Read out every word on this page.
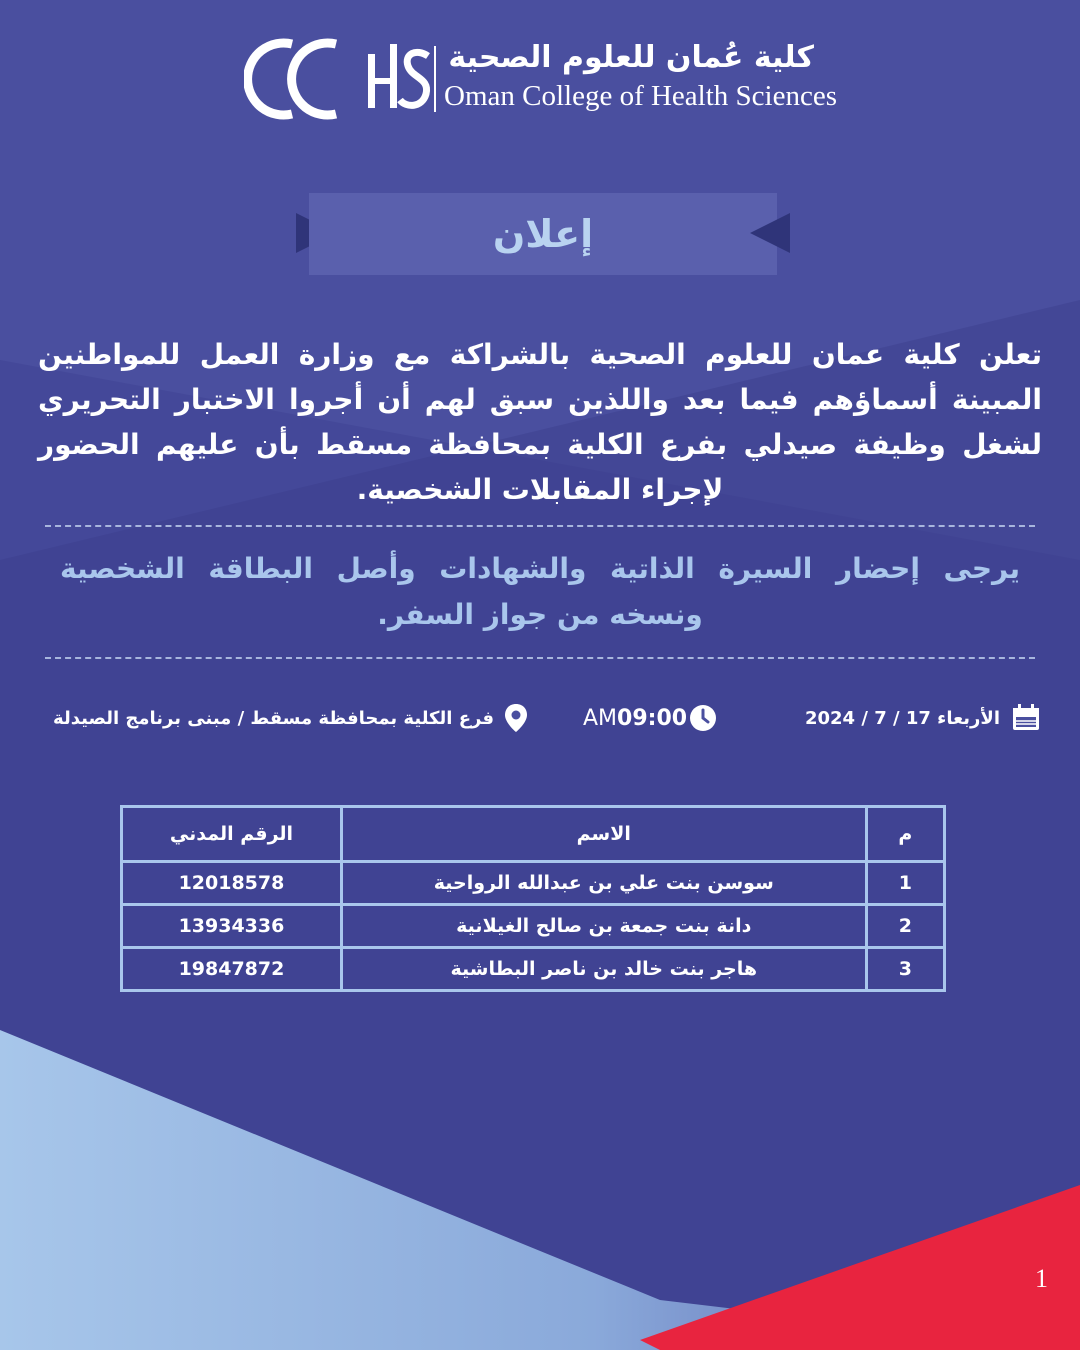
كلية عُمان للعلوم الصحية
Oman College of Health Sciences
إعلان
تعلن كلية عمان للعلوم الصحية بالشراكة مع وزارة العمل للمواطنين المبينة أسماؤهم فيما بعد واللذين سبق لهم أن أجروا الاختبار التحريري لشغل وظيفة صيدلي بفرع الكلية بمحافظة مسقط بأن عليهم الحضور لإجراء المقابلات الشخصية.
يرجى إحضار السيرة الذاتية والشهادات وأصل البطاقة الشخصية ونسخه من جواز السفر.
الأربعاء 17 / 7 / 2024
AM 09:00
فرع الكلية بمحافظة مسقط / مبنى برنامج الصيدلة
م	الاسم	الرقم المدني
1	سوسن بنت علي بن عبدالله الرواحية	12018578
2	دانة بنت جمعة بن صالح الغيلانية	13934336
3	هاجر بنت خالد بن ناصر البطاشية	19847872
1
